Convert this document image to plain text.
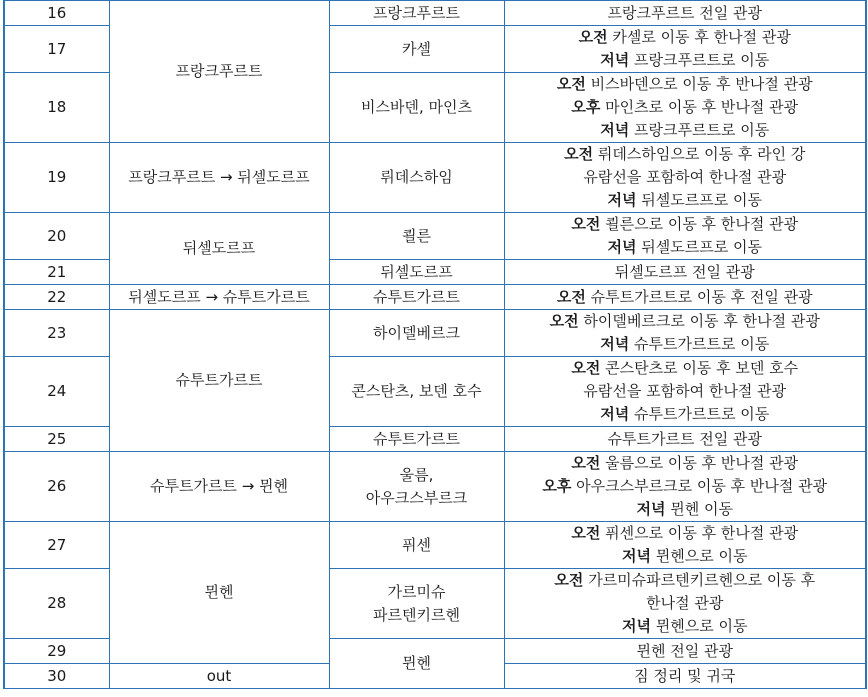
16	프랑크푸르트	프랑크푸르트	프랑크푸르트 전일 관광

17		카셀	오전 카셀로 이동 후 한나절 관광
저녁 프랑크푸르트로 이동

18		비스바덴, 마인츠	오전 비스바덴으로 이동 후 반나절 관광
오후 마인츠로 이동 후 반나절 관광
저녁 프랑크푸르트로 이동

19	프랑크푸르트 → 뒤셀도르프	뤼데스하임	오전 뤼데스하임으로 이동 후 라인 강
유람선을 포함하여 한나절 관광
저녁 뒤셀도르프로 이동

20	뒤셀도르프	쾰른	오전 쾰른으로 이동 후 한나절 관광
저녁 뒤셀도르프로 이동

21		뒤셀도르프	뒤셀도르프 전일 관광

22	뒤셀도르프 → 슈투트가르트	슈투트가르트	오전 슈투트가르트로 이동 후 전일 관광

23	슈투트가르트	하이델베르크	오전 하이델베르크로 이동 후 한나절 관광
저녁 슈투트가르트로 이동

24		콘스탄츠, 보덴 호수	오전 콘스탄츠로 이동 후 보덴 호수
유람선을 포함하여 한나절 관광
저녁 슈투트가르트로 이동

25		슈투트가르트	슈투트가르트 전일 관광

26	슈투트가르트 → 뮌헨	울름,
아우크스부르크	오전 울름으로 이동 후 반나절 관광
오후 아우크스부르크로 이동 후 반나절 관광
저녁 뮌헨 이동

27	뮌헨	퓌센	오전 퓌센으로 이동 후 한나절 관광
저녁 뮌헨으로 이동

28		가르미슈
파르텐키르헨	오전 가르미슈파르텐키르헨으로 이동 후
한나절 관광
저녁 뮌헨으로 이동

29		뮌헨	뮌헨 전일 관광

30	out		짐 정리 및 귀국
